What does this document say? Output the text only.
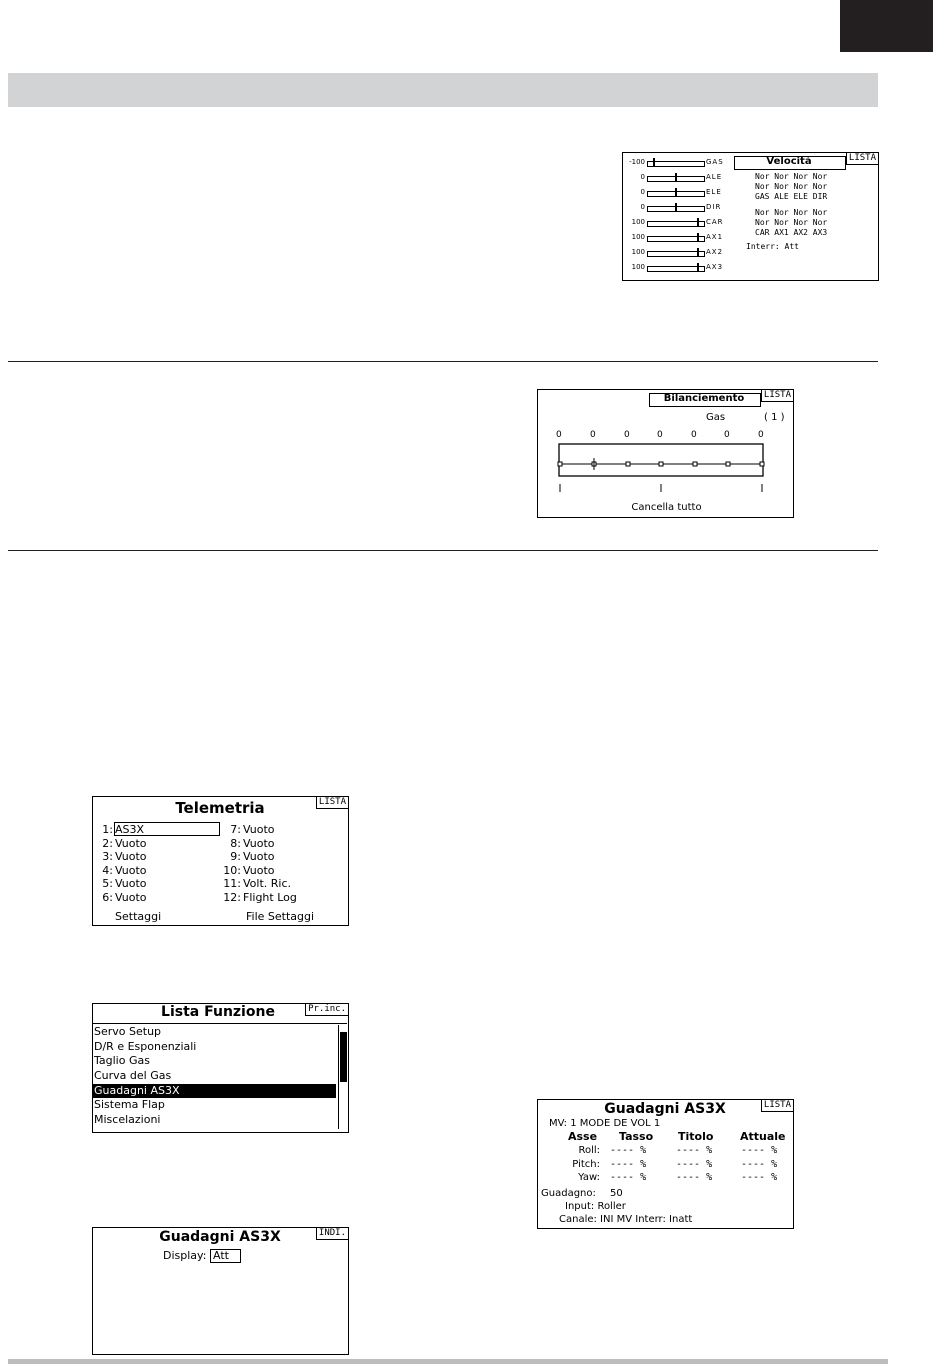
LISTA
Velocità
-100	GAS
0	ALE
0	ELE
0	DIR
100	CAR
100	AX1
100	AX2
100	AX3
Nor Nor Nor Nor
Nor Nor Nor Nor
GAS ALE ELE DIR
Nor Nor Nor Nor
Nor Nor Nor Nor
CAR AX1 AX2 AX3
Interr: Att
LISTA
Bilanciemento
Gas	( 1 )
0	0	0	0	0	0	0
Cancella tutto
LISTA
Telemetria
1: AS3X
2: Vuoto
3: Vuoto
4: Vuoto
5: Vuoto
6: Vuoto
7: Vuoto
8: Vuoto
9: Vuoto
10: Vuoto
11: Volt. Ric.
12: Flight Log
Settaggi	File Settaggi
Pr.inc.
Lista Funzione
Servo Setup
D/R e Esponenziali
Taglio Gas
Curva del Gas
Guadagni AS3X
Sistema Flap
Miscelazioni
INDI.
Guadagni AS3X
Display: Att
LISTA
Guadagni AS3X
MV: 1 MODE DE VOL 1
Asse Tasso Titolo Attuale
Roll: ---- %	---- %	---- %
Pitch: ---- %	---- %	---- %
Yaw: ---- %	---- %	---- %
Guadagno: 50
Input: Roller
Canale: INI MV Interr: Inatt
